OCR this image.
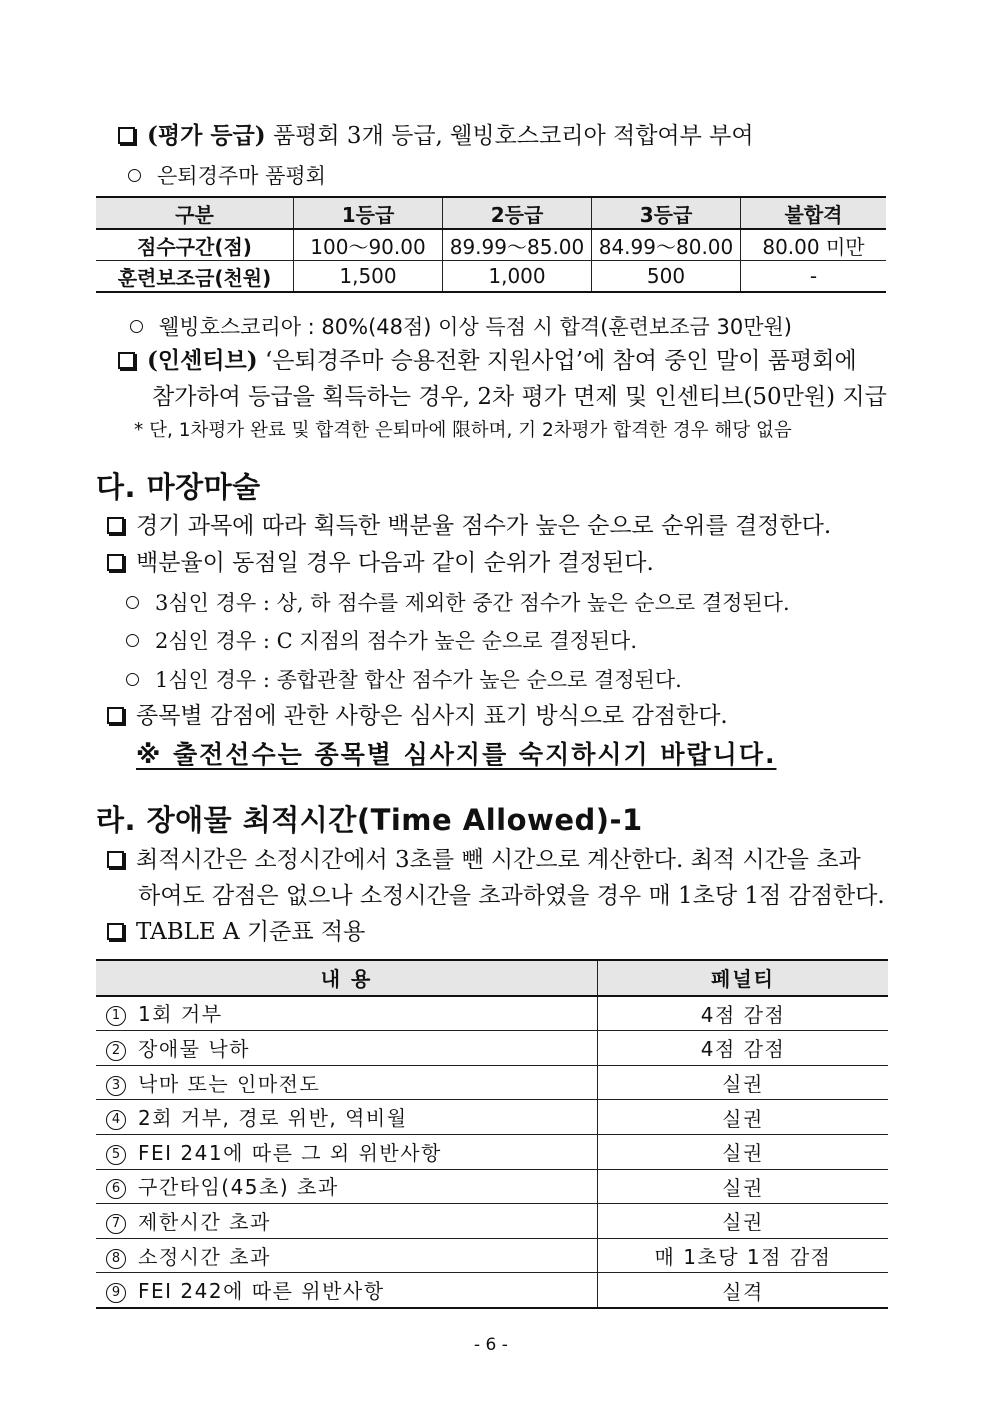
(평가 등급) 품평회 3개 등급, 웰빙호스코리아 적합여부 부여
은퇴경주마 품평회
구분	1등급	2등급	3등급	불합격
점수구간(점)	100～90.00	89.99～85.00	84.99～80.00	80.00 미만
훈련보조금(천원)	1,500	1,000	500	-
웰빙호스코리아 : 80%(48점) 이상 득점 시 합격(훈련보조금 30만원)
(인센티브) ‘은퇴경주마 승용전환 지원사업’에 참여 중인 말이 품평회에
참가하여 등급을 획득하는 경우, 2차 평가 면제 및 인센티브(50만원) 지급
* 단, 1차평가 완료 및 합격한 은퇴마에 限하며, 기 2차평가 합격한 경우 해당 없음
다. 마장마술
경기 과목에 따라 획득한 백분율 점수가 높은 순으로 순위를 결정한다.
백분율이 동점일 경우 다음과 같이 순위가 결정된다.
3심인 경우 : 상, 하 점수를 제외한 중간 점수가 높은 순으로 결정된다.
2심인 경우 : C 지점의 점수가 높은 순으로 결정된다.
1심인 경우 : 종합관찰 합산 점수가 높은 순으로 결정된다.
종목별 감점에 관한 사항은 심사지 표기 방식으로 감점한다.
※ 출전선수는 종목별 심사지를 숙지하시기 바랍니다.
라. 장애물 최적시간(Time Allowed)-1
최적시간은 소정시간에서 3초를 뺀 시간으로 계산한다. 최적 시간을 초과
하여도 감점은 없으나 소정시간을 초과하였을 경우 매 1초당 1점 감점한다.
TABLE A 기준표 적용
내 용	페널티
1 1회 거부	4점 감점
2 장애물 낙하	4점 감점
3 낙마 또는 인마전도	실권
4 2회 거부, 경로 위반, 역비월	실권
5 FEI 241에 따른 그 외 위반사항	실권
6 구간타임(45초) 초과	실권
7 제한시간 초과	실권
8 소정시간 초과	매 1초당 1점 감점
9 FEI 242에 따른 위반사항	실격
- 6 -
